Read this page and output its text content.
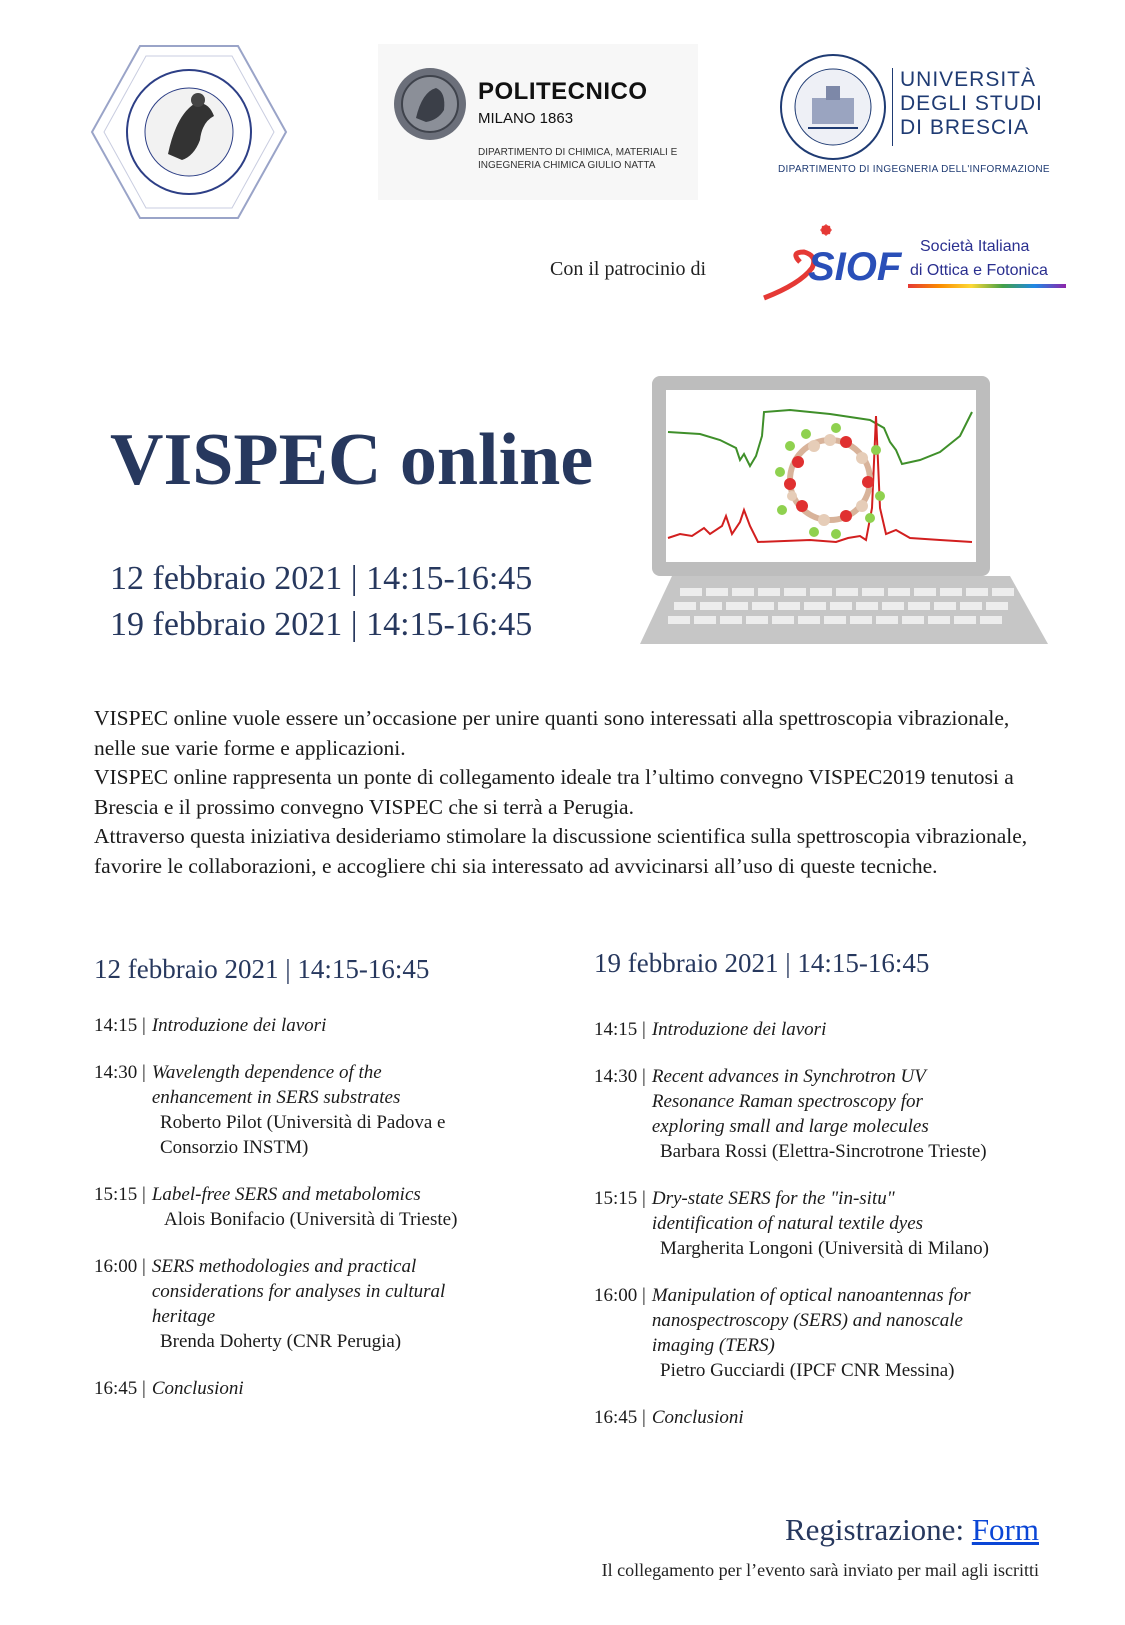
POLITECNICO
MILANO 1863
DIPARTIMENTO DI CHIMICA, MATERIALI E INGEGNERIA CHIMICA GIULIO NATTA
UNIVERSITÀ
DEGLI STUDI
DI BRESCIA
DIPARTIMENTO DI INGEGNERIA DELL'INFORMAZIONE
Con il patrocinio di	SIOF Società Italiana
di Ottica e Fotonica
VISPEC online
12 febbraio 2021 | 14:15-16:45
19 febbraio 2021 | 14:15-16:45

VISPEC online vuole essere un’occasione per unire quanti sono interessati alla spettroscopia vibrazionale, nelle sue varie forme e applicazioni.

VISPEC online rappresenta un ponte di collegamento ideale tra l’ultimo convegno VISPEC2019 tenutosi a Brescia e il prossimo convegno VISPEC che si terrà a Perugia.

Attraverso questa iniziativa desideriamo stimolare la discussione scientifica sulla spettroscopia vibrazionale, favorire le collaborazioni, e accogliere chi sia interessato ad avvicinarsi all’uso di queste tecniche.

12 febbraio 2021 | 14:15-16:45
14:15 | Introduzione dei lavori
14:30 | Wavelength dependence of the enhancement in SERS substrates
Roberto Pilot (Università di Padova e Consorzio INSTM)
15:15 | Label-free SERS and metabolomics
Alois Bonifacio (Università di Trieste)
16:00 | SERS methodologies and practical considerations for analyses in cultural heritage
Brenda Doherty (CNR Perugia)
16:45 | Conclusioni
19 febbraio 2021 | 14:15-16:45
14:15 | Introduzione dei lavori
14:30 | Recent advances in Synchrotron UV Resonance Raman spectroscopy for exploring small and large molecules
Barbara Rossi (Elettra-Sincrotrone Trieste)
15:15 | Dry-state SERS for the "in-situ" identification of natural textile dyes
Margherita Longoni (Università di Milano)
16:00 | Manipulation of optical nanoantennas for nanospectroscopy (SERS) and nanoscale imaging (TERS)
Pietro Gucciardi (IPCF CNR Messina)
16:45 | Conclusioni
Registrazione: Form
Il collegamento per l’evento sarà inviato per mail agli iscritti
